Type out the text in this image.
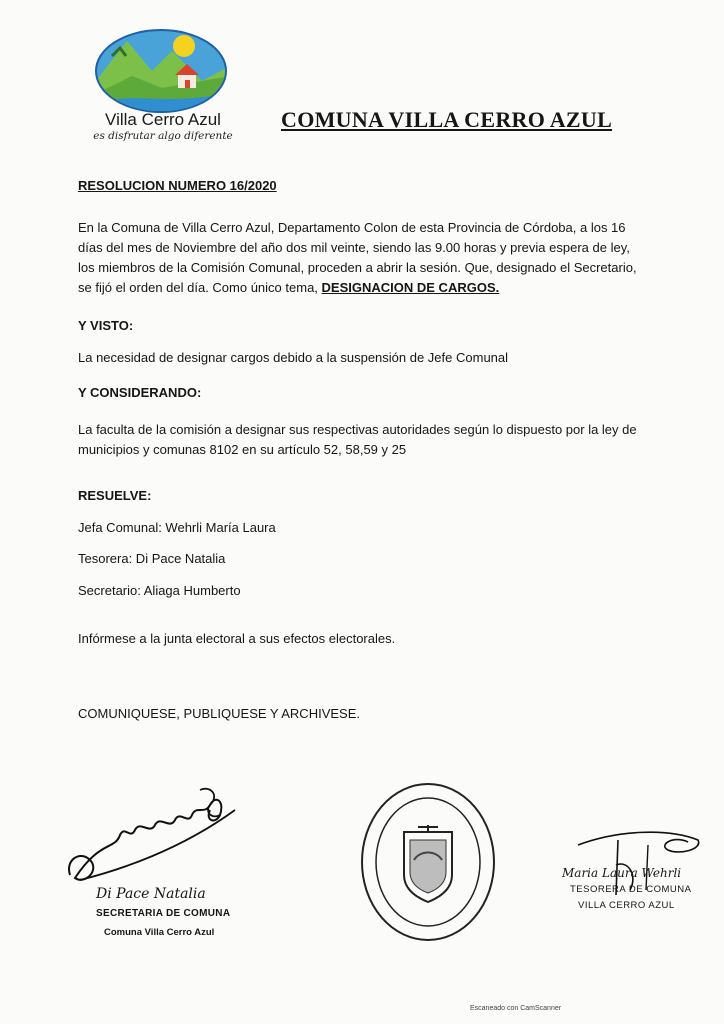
Villa Cerro Azul
es disfrutar algo diferente
COMUNA VILLA CERRO AZUL
RESOLUCION NUMERO 16/2020
En la Comuna de Villa Cerro Azul, Departamento Colon de esta Provincia de Córdoba, a los 16 días del mes de Noviembre del año dos mil veinte, siendo las 9.00 horas y previa espera de ley, los miembros de la Comisión Comunal, proceden a abrir la sesión. Que, designado el Secretario, se fijó el orden del día. Como único tema, DESIGNACION DE CARGOS.
Y VISTO:
La necesidad de designar cargos debido a la suspensión de Jefe Comunal
Y CONSIDERANDO:
La faculta de la comisión a designar sus respectivas autoridades según lo dispuesto por la ley de municipios y comunas 8102 en su artículo 52, 58,59 y 25
RESUELVE:
Jefa Comunal: Wehrli María Laura
Tesorera: Di Pace Natalia
Secretario: Aliaga Humberto
Infórmese a la junta electoral a sus efectos electorales.
COMUNIQUESE, PUBLIQUESE Y ARCHIVESE.
Di Pace Natalia
SECRETARIA DE COMUNA
Comuna Villa Cerro Azul
Maria Laura Wehrli
TESORERA DE COMUNA
VILLA CERRO AZUL
Escaneado con CamScanner
